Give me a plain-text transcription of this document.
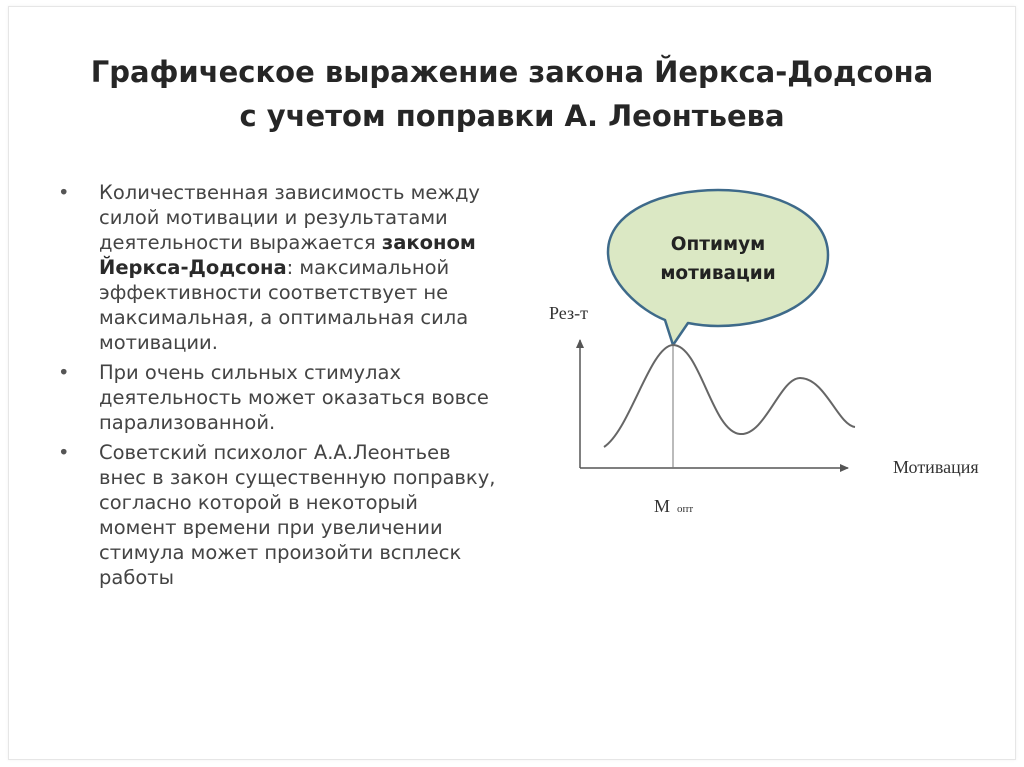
Графическое выражение закона Йеркса-Додсона
с учетом поправки А. Леонтьева
• Количественная зависимость между силой мотивации и результатами деятельности выражается законом Йеркса-Додсона: максимальной эффективности соответствует не максимальная, а оптимальная сила мотивации.
• При очень сильных стимулах деятельность может оказаться вовсе парализованной.
• Советский психолог А.А.Леонтьев внес в закон существенную поправку, согласно которой в некоторый момент времени при увеличении стимула может произойти всплеск работы
Рез-т
Мотивация
Мопт
Оптимум
мотивации
